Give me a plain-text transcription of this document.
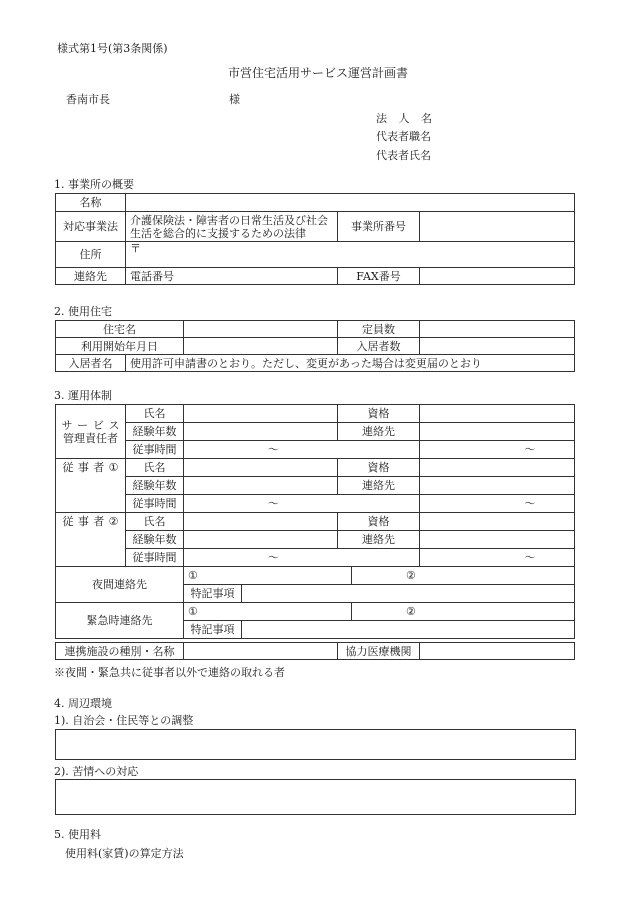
様式第1号(第3条関係)
市営住宅活用サービス運営計画書
香南市長	様
法 人 名
代表者職名
代表者氏名
1. 事業所の概要
名称			
対応事業法	介護保険法・障害者の日常生活及び社会生活を総合的に支援するための法律	事業所番号	
住所	〒		
連絡先	電話番号	FAX番号	
2. 使用住宅
住宅名			定員数	
利用開始年月日			入居者数	
入居者名	使用許可申請書のとおり。ただし、変更があった場合は変更届のとおり			
3. 運用体制
サ ー ビ ス
管理責任者	氏名		資格	
	経験年数		連絡先	
	従事時間	〜		〜

従 事 者 ①	氏名		資格	
	経験年数		連絡先	
	従事時間	〜		〜

従 事 者 ②	氏名		資格	
	経験年数		連絡先	
	従事時間	〜		〜
夜間連絡先	①		②
	特記事項		
緊急時連絡先	①		②
	特記事項		
連携施設の種別・名称		協力医療機関	
※夜間・緊急共に従事者以外で連絡の取れる者
4. 周辺環境
1). 自治会・住民等との調整
2). 苦情への対応
5. 使用料
使用料(家賃)の算定方法
